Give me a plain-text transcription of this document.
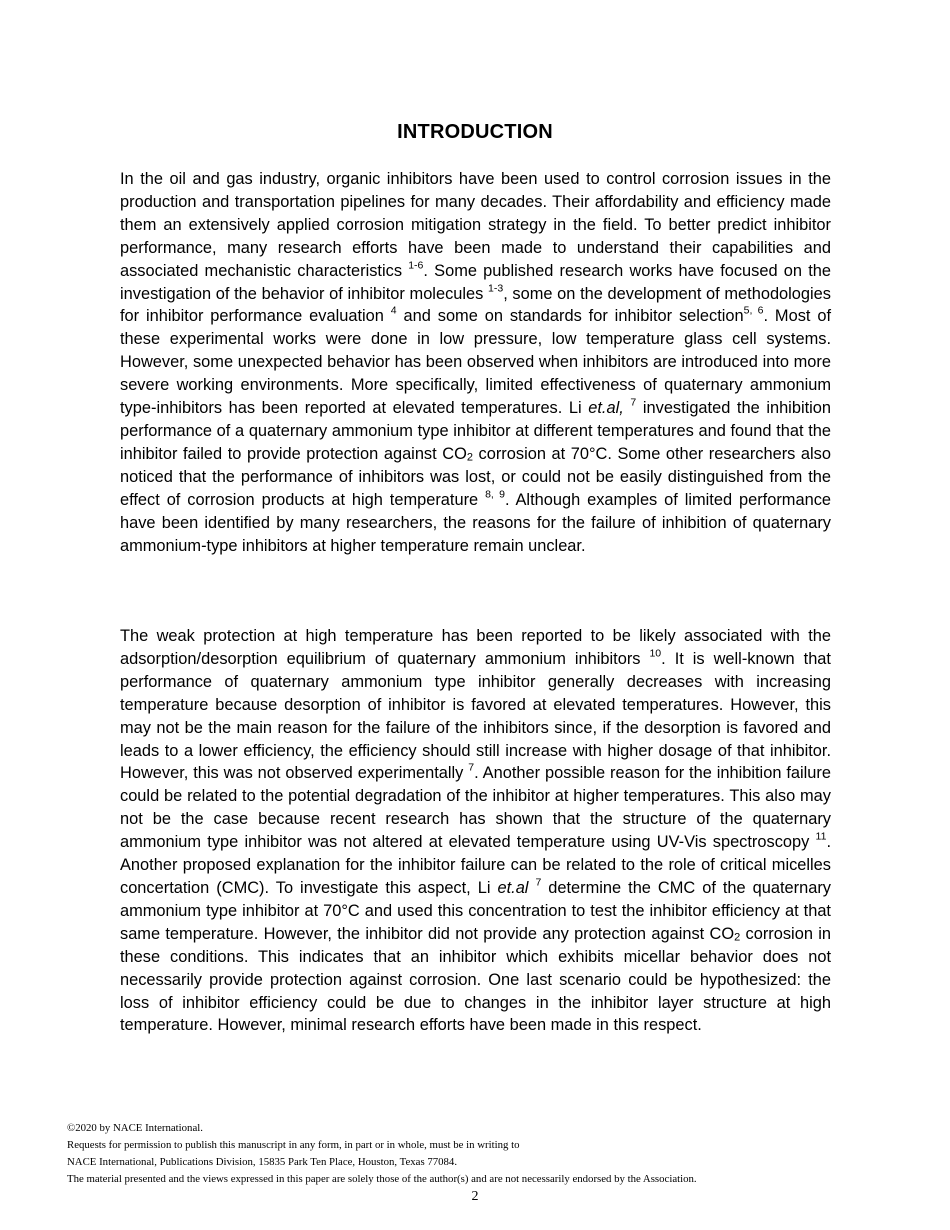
INTRODUCTION

In the oil and gas industry, organic inhibitors have been used to control corrosion issues in the production and transportation pipelines for many decades. Their affordability and efficiency made them an extensively applied corrosion mitigation strategy in the field. To better predict inhibitor performance, many research efforts have been made to understand their capabilities and associated mechanistic characteristics $^{1-6}$. Some published research works have focused on the investigation of the behavior of inhibitor molecules $^{1-3}$, some on the development of methodologies for inhibitor performance evaluation $^4$ and some on standards for inhibitor selection$^{5, 6}$. Most of these experimental works were done in low pressure, low temperature glass cell systems. However, some unexpected behavior has been observed when inhibitors are introduced into more severe working environments. More specifically, limited effectiveness of quaternary ammonium type-inhibitors has been reported at elevated temperatures. Li et.al, $^7$ investigated the inhibition performance of a quaternary ammonium type inhibitor at different temperatures and found that the inhibitor failed to provide protection against $CO_2$ corrosion at 70°C. Some other researchers also noticed that the performance of inhibitors was lost, or could not be easily distinguished from the effect of corrosion products at high temperature $^{8, 9}$. Although examples of limited performance have been identified by many researchers, the reasons for the failure of inhibition of quaternary ammonium-type inhibitors at higher temperature remain unclear.

The weak protection at high temperature has been reported to be likely associated with the adsorption/desorption equilibrium of quaternary ammonium inhibitors $^{10}$. It is well-known that performance of quaternary ammonium type inhibitor generally decreases with increasing temperature because desorption of inhibitor is favored at elevated temperatures. However, this may not be the main reason for the failure of the inhibitors since, if the desorption is favored and leads to a lower efficiency, the efficiency should still increase with higher dosage of that inhibitor. However, this was not observed experimentally $^7$. Another possible reason for the inhibition failure could be related to the potential degradation of the inhibitor at higher temperatures. This also may not be the case because recent research has shown that the structure of the quaternary ammonium type inhibitor was not altered at elevated temperature using UV-Vis spectroscopy $^{11}$. Another proposed explanation for the inhibitor failure can be related to the role of critical micelles concertation (CMC). To investigate this aspect, Li et.al $^7$ determine the CMC of the quaternary ammonium type inhibitor at 70°C and used this concentration to test the inhibitor efficiency at that same temperature. However, the inhibitor did not provide any protection against $CO_2$ corrosion in these conditions. This indicates that an inhibitor which exhibits micellar behavior does not necessarily provide protection against corrosion. One last scenario could be hypothesized: the loss of inhibitor efficiency could be due to changes in the inhibitor layer structure at high temperature. However, minimal research efforts have been made in this respect.

©2020 by NACE International.
Requests for permission to publish this manuscript in any form, in part or in whole, must be in writing to
NACE International, Publications Division, 15835 Park Ten Place, Houston, Texas 77084.
The material presented and the views expressed in this paper are solely those of the author(s) and are not necessarily endorsed by the Association.
2
